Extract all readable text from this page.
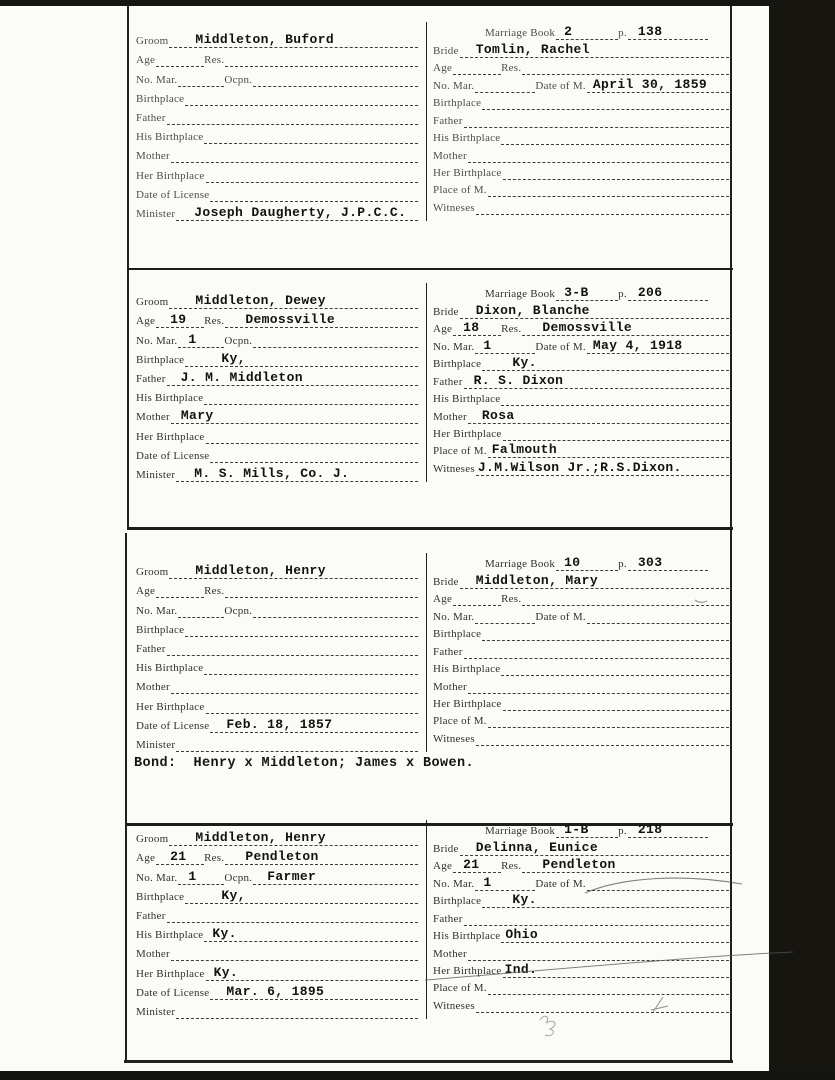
Groom	Middleton, Buford
Age	Res.
No. Mar.	Ocpn.
Birthplace
Father
His Birthplace
Mother
Her Birthplace
Date of License
Minister	Joseph Daugherty, J.P.C.C.
Marriage Book 2	p. 138
Bride	Tomlin, Rachel
Age	Res.
No. Mar.	Date of M. April 30, 1859
Birthplace
Father
His Birthplace
Mother
Her Birthplace
Place of M.
Witneses
Groom	Middleton, Dewey
Age	19 Res.	Demossville
No. Mar. 1	Ocpn.
Birthplace	Ky,
Father	J. M. Middleton
His Birthplace
Mother Mary
Her Birthplace
Date of License
Minister	M. S. Mills, Co. J.
Marriage Book 3-B	p. 206
Bride	Dixon, Blanche
Age 18 Res.	Demossville
No. Mar. 1	Date of M. May 4, 1918
Birthplace	Ky.
Father R. S. Dixon
His Birthplace
Mother	Rosa
Her Birthplace
Place of M. Falmouth
Witneses J.M.Wilson Jr.;R.S.Dixon.
Groom	Middleton, Henry
Age	Res.
No. Mar.	Ocpn.
Birthplace
Father
His Birthplace
Mother
Her Birthplace
Date of License	Feb. 18, 1857
Minister
Marriage Book 10	p. 303
Bride	Middleton, Mary
Age	Res.
No. Mar.	Date of M.
Birthplace
Father
His Birthplace
Mother
Her Birthplace
Place of M.
Witneses
Bond:  Henry x Middleton; James x Bowen.
Groom	Middleton, Henry
Age	21 Res.	Pendleton
No. Mar. 1	Ocpn.	Farmer
Birthplace	Ky,
Father
His Birthplace Ky.
Mother
Her Birthplace Ky.
Date of License	Mar. 6, 1895
Minister
Marriage Book 1-B	p. 218
Bride	Delinna, Eunice
Age 21 Res.	Pendleton
No. Mar. 1	Date of M.
Birthplace	Ky.
Father
His Birthplace Ohio
Mother
Her Birthplace Ind.
Place of M.
Witneses
